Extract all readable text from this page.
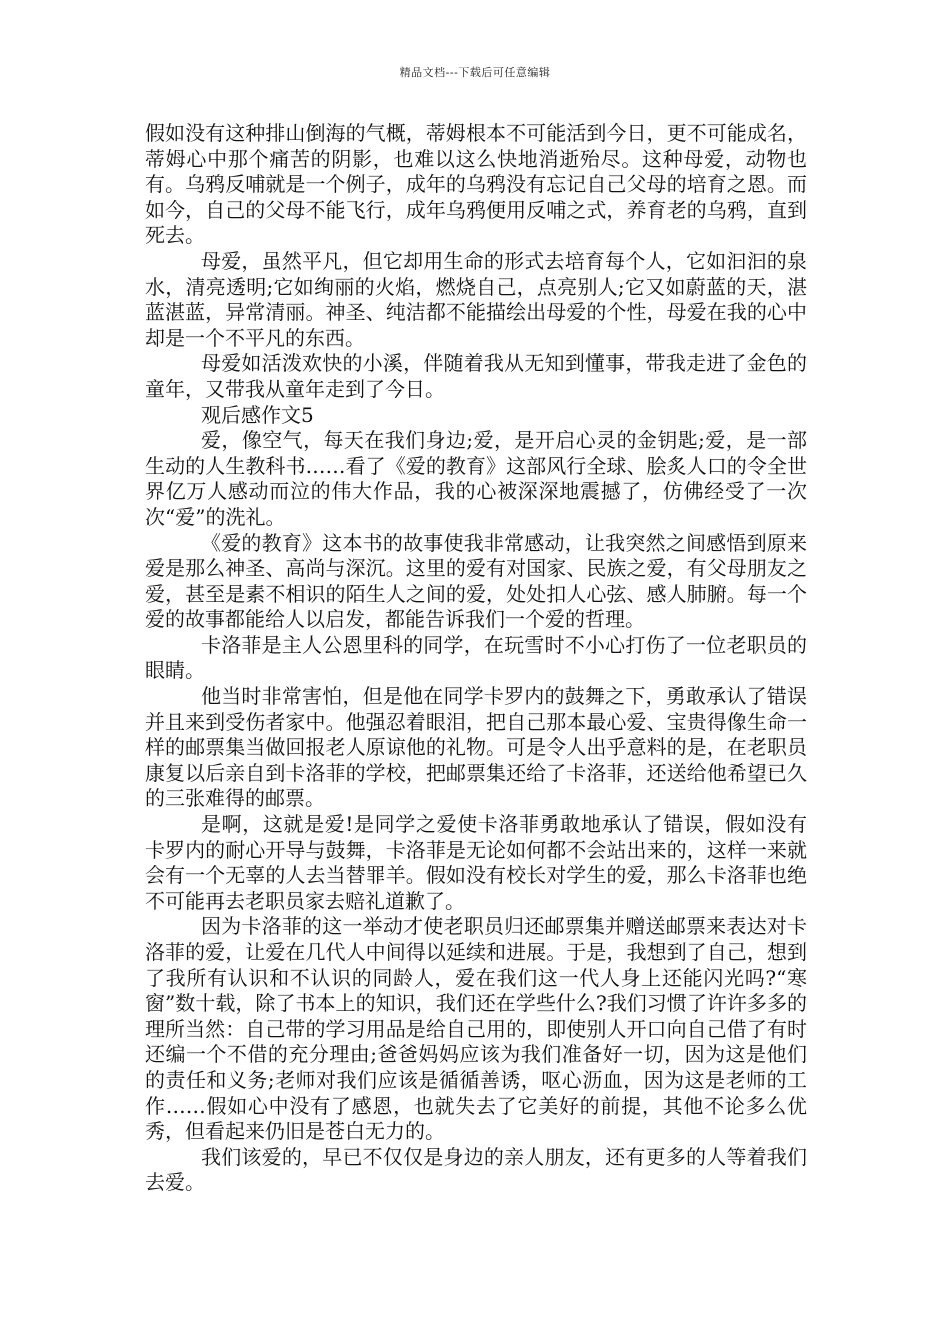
精品文档---下载后可任意编辑

假如没有这种排山倒海的气概，蒂姆根本不可能活到今日，更不可能成名，蒂姆心中那个痛苦的阴影，也难以这么快地消逝殆尽。这种母爱，动物也有。乌鸦反哺就是一个例子，成年的乌鸦没有忘记自己父母的培育之恩。而如今，自己的父母不能飞行，成年乌鸦便用反哺之式，养育老的乌鸦，直到死去。

母爱，虽然平凡，但它却用生命的形式去培育每个人，它如汩汩的泉水，清亮透明;它如绚丽的火焰，燃烧自己，点亮别人;它又如蔚蓝的天，湛蓝湛蓝，异常清丽。神圣、纯洁都不能描绘出母爱的个性，母爱在我的心中却是一个不平凡的东西。

母爱如活泼欢快的小溪，伴随着我从无知到懂事，带我走进了金色的童年，又带我从童年走到了今日。

观后感作文5

爱，像空气，每天在我们身边;爱，是开启心灵的金钥匙;爱，是一部生动的人生教科书……看了《爱的教育》这部风行全球、脍炙人口的令全世界亿万人感动而泣的伟大作品，我的心被深深地震撼了，仿佛经受了一次次“爱”的洗礼。

《爱的教育》这本书的故事使我非常感动，让我突然之间感悟到原来爱是那么神圣、高尚与深沉。这里的爱有对国家、民族之爱，有父母朋友之爱，甚至是素不相识的陌生人之间的爱，处处扣人心弦、感人肺腑。每一个爱的故事都能给人以启发，都能告诉我们一个爱的哲理。

卡洛菲是主人公恩里科的同学，在玩雪时不小心打伤了一位老职员的眼睛。

他当时非常害怕，但是他在同学卡罗内的鼓舞之下，勇敢承认了错误并且来到受伤者家中。他强忍着眼泪，把自己那本最心爱、宝贵得像生命一样的邮票集当做回报老人原谅他的礼物。可是令人出乎意料的是，在老职员康复以后亲自到卡洛菲的学校，把邮票集还给了卡洛菲，还送给他希望已久的三张难得的邮票。

是啊，这就是爱!是同学之爱使卡洛菲勇敢地承认了错误，假如没有卡罗内的耐心开导与鼓舞，卡洛菲是无论如何都不会站出来的，这样一来就会有一个无辜的人去当替罪羊。假如没有校长对学生的爱，那么卡洛菲也绝不可能再去老职员家去赔礼道歉了。

因为卡洛菲的这一举动才使老职员归还邮票集并赠送邮票来表达对卡洛菲的爱，让爱在几代人中间得以延续和进展。于是，我想到了自己，想到了我所有认识和不认识的同龄人，爱在我们这一代人身上还能闪光吗?“寒窗”数十载，除了书本上的知识，我们还在学些什么?我们习惯了许许多多的理所当然：自己带的学习用品是给自己用的，即使别人开口向自己借了有时还编一个不借的充分理由;爸爸妈妈应该为我们准备好一切，因为这是他们的责任和义务;老师对我们应该是循循善诱，呕心沥血，因为这是老师的工作……假如心中没有了感恩，也就失去了它美好的前提，其他不论多么优秀，但看起来仍旧是苍白无力的。

我们该爱的，早已不仅仅是身边的亲人朋友，还有更多的人等着我们去爱。
